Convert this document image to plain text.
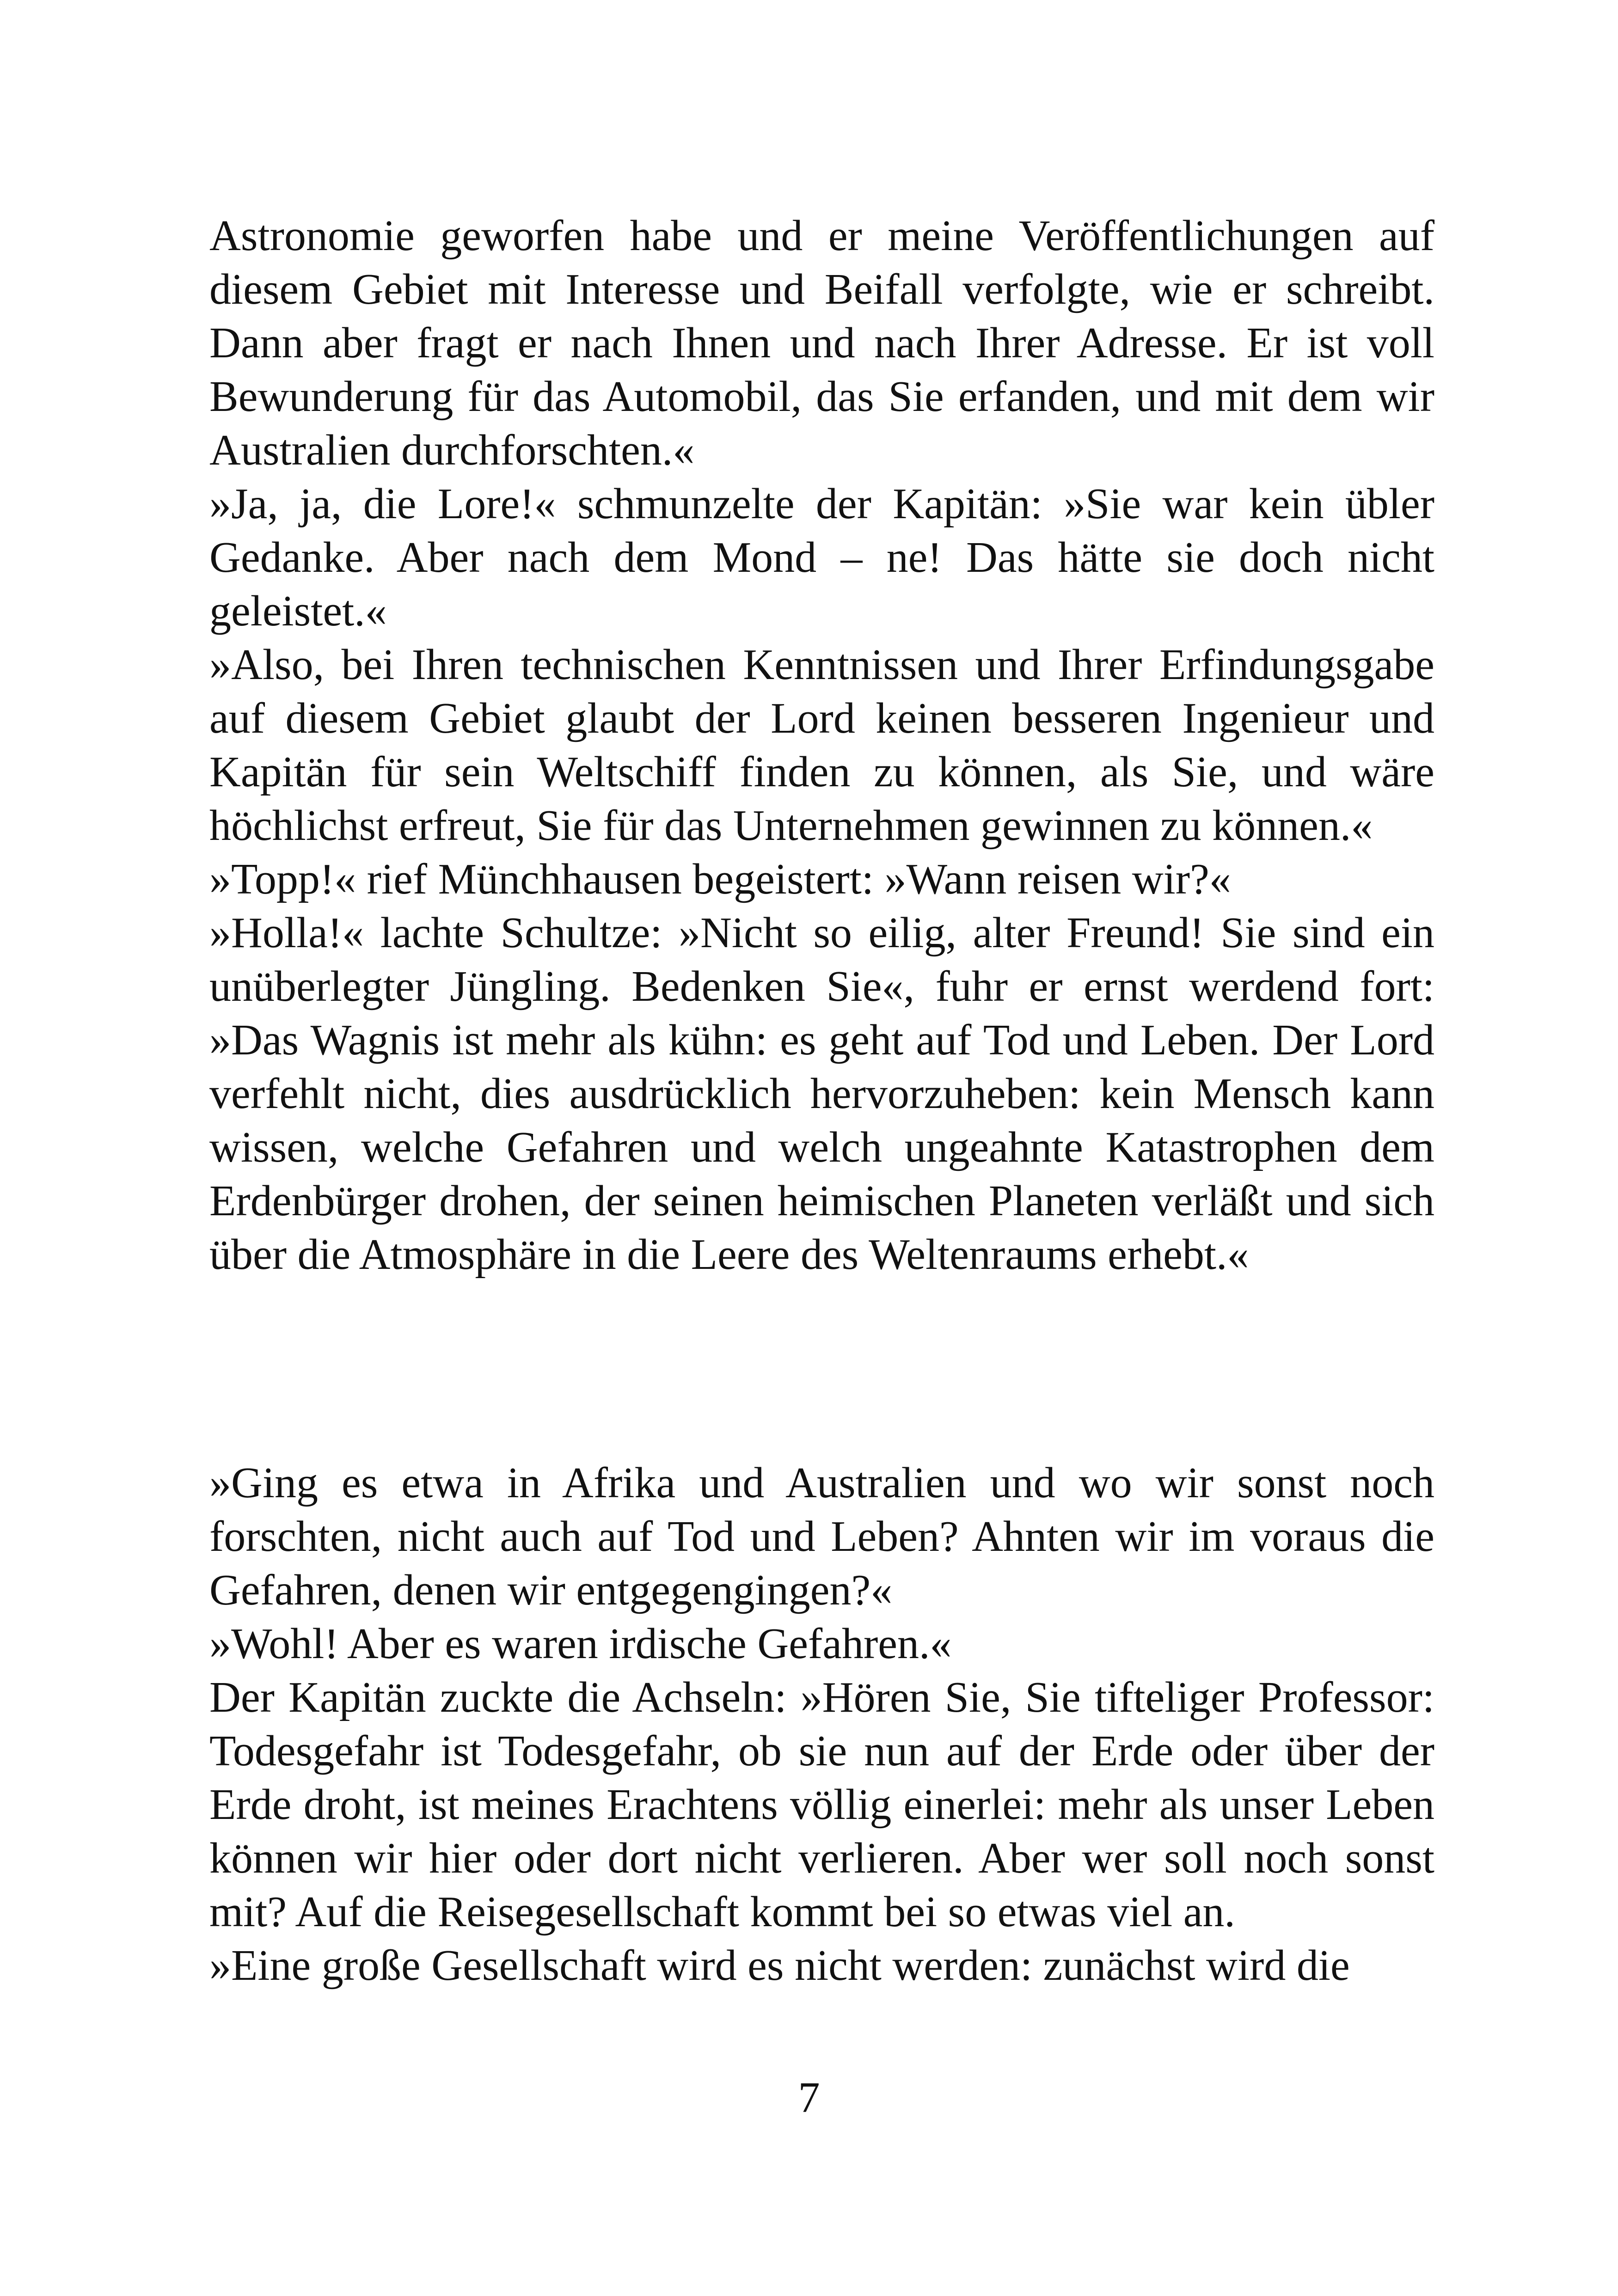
Astronomie geworfen habe und er meine Veröffentlichungen auf diesem Gebiet mit Interesse und Beifall verfolgte, wie er schreibt. Dann aber fragt er nach Ihnen und nach Ihrer Adresse. Er ist voll Bewunderung für das Automobil, das Sie erfanden, und mit dem wir Australien durchforschten.«

»Ja, ja, die Lore!« schmunzelte der Kapitän: »Sie war kein übler Gedanke. Aber nach dem Mond – ne! Das hätte sie doch nicht geleistet.«

»Also, bei Ihren technischen Kenntnissen und Ihrer Erfindungsgabe auf diesem Gebiet glaubt der Lord keinen besseren Ingenieur und Kapitän für sein Weltschiff finden zu können, als Sie, und wäre höchlichst erfreut, Sie für das Unternehmen gewinnen zu können.«

»Topp!« rief Münchhausen begeistert: »Wann reisen wir?«

»Holla!« lachte Schultze: »Nicht so eilig, alter Freund! Sie sind ein unüberlegter Jüngling. Bedenken Sie«, fuhr er ernst werdend fort: »Das Wagnis ist mehr als kühn: es geht auf Tod und Leben. Der Lord verfehlt nicht, dies ausdrücklich hervorzuheben: kein Mensch kann wissen, welche Gefahren und welch ungeahnte Katastrophen dem Erdenbürger drohen, der seinen heimischen Planeten verläßt und sich über die Atmosphäre in die Leere des Weltenraums erhebt.«

»Ging es etwa in Afrika und Australien und wo wir sonst noch forschten, nicht auch auf Tod und Leben? Ahnten wir im voraus die Gefahren, denen wir entgegengingen?«

»Wohl! Aber es waren irdische Gefahren.«

Der Kapitän zuckte die Achseln: »Hören Sie, Sie tifteliger Professor: Todesgefahr ist Todesgefahr, ob sie nun auf der Erde oder über der Erde droht, ist meines Erachtens völlig einerlei: mehr als unser Leben können wir hier oder dort nicht verlieren. Aber wer soll noch sonst mit? Auf die Reisegesellschaft kommt bei so etwas viel an.

»Eine große Gesellschaft wird es nicht werden: zunächst wird die

7
